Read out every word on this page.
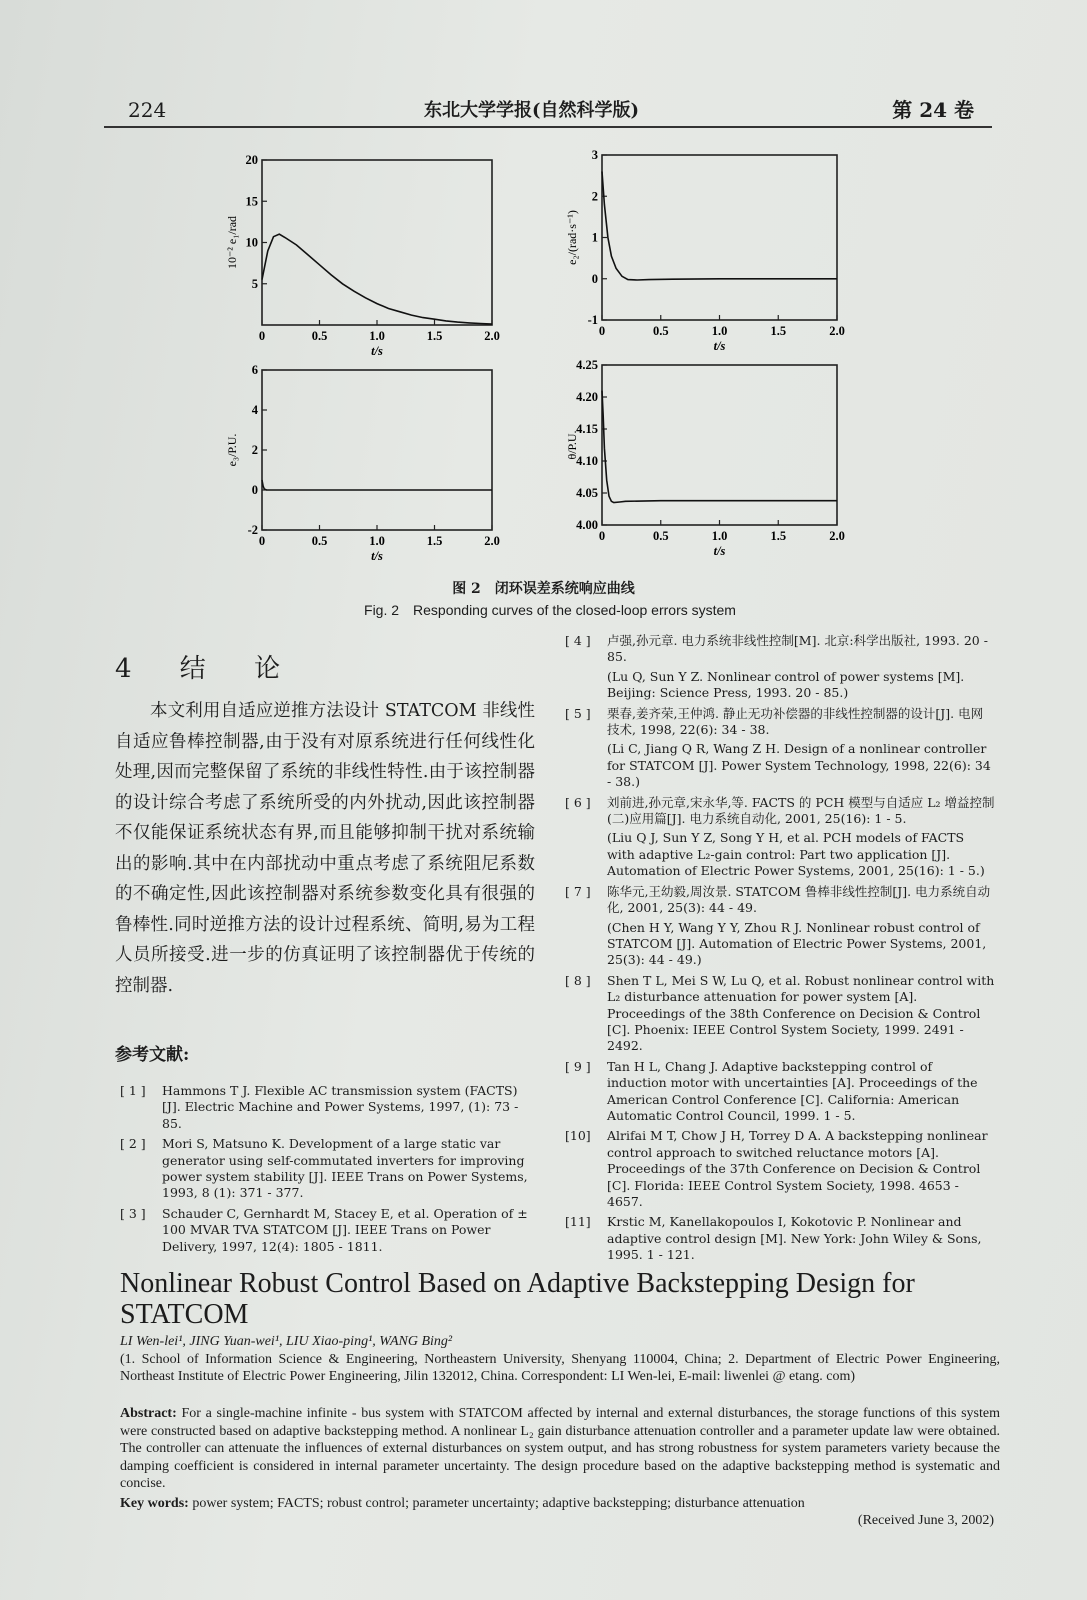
224	东北大学学报(自然科学版)	第 24 卷
0	0.5	1.0	1.5	2.0
5
10
15
20
t/s
10⁻² e₁/rad
0	0.5	1.0	1.5	2.0
-1
0
1
2
3
t/s
e₂/(rad·s⁻¹)
0	0.5	1.0	1.5	2.0
-2
0
2
4
6
t/s
e₃/P.U.
0	0.5	1.0	1.5	2.0
4.00
4.05
4.10
4.15
4.20
4.25
t/s
θ/P.U.
图 2　闭环误差系统响应曲线
Fig. 2　Responding curves of the closed-loop errors system
4 结 论

本文利用自适应逆推方法设计 STATCOM 非线性自适应鲁棒控制器,由于没有对原系统进行任何线性化处理,因而完整保留了系统的非线性特性.由于该控制器的设计综合考虑了系统所受的内外扰动,因此该控制器不仅能保证系统状态有界,而且能够抑制干扰对系统输出的影响.其中在内部扰动中重点考虑了系统阻尼系数的不确定性,因此该控制器对系统参数变化具有很强的鲁棒性.同时逆推方法的设计过程系统、简明,易为工程人员所接受.进一步的仿真证明了该控制器优于传统的控制器.

参考文献:
[ 1 ] Hammons T J. Flexible AC transmission system (FACTS) [J]. Electric Machine and Power Systems, 1997, (1): 73 - 85.
[ 2 ] Mori S, Matsuno K. Development of a large static var generator using self-commutated inverters for improving power system stability [J]. IEEE Trans on Power Systems, 1993, 8 (1): 371 - 377.
[ 3 ] Schauder C, Gernhardt M, Stacey E, et al. Operation of ± 100 MVAR TVA STATCOM [J]. IEEE Trans on Power Delivery, 1997, 12(4): 1805 - 1811.
[ 4 ] 卢强,孙元章. 电力系统非线性控制[M]. 北京:科学出版社, 1993. 20 - 85.
(Lu Q, Sun Y Z. Nonlinear control of power systems [M]. Beijing: Science Press, 1993. 20 - 85.)
[ 5 ] 栗春,姜齐荣,王仲鸿. 静止无功补偿器的非线性控制器的设计[J]. 电网技术, 1998, 22(6): 34 - 38.
(Li C, Jiang Q R, Wang Z H. Design of a nonlinear controller for STATCOM [J]. Power System Technology, 1998, 22(6): 34 - 38.)
[ 6 ] 刘前进,孙元章,宋永华,等. FACTS 的 PCH 模型与自适应 L₂ 增益控制(二)应用篇[J]. 电力系统自动化, 2001, 25(16): 1 - 5.
(Liu Q J, Sun Y Z, Song Y H, et al. PCH models of FACTS with adaptive L₂-gain control: Part two application [J]. Automation of Electric Power Systems, 2001, 25(16): 1 - 5.)
[ 7 ] 陈华元,王幼毅,周汝景. STATCOM 鲁棒非线性控制[J]. 电力系统自动化, 2001, 25(3): 44 - 49.
(Chen H Y, Wang Y Y, Zhou R J. Nonlinear robust control of STATCOM [J]. Automation of Electric Power Systems, 2001, 25(3): 44 - 49.)
[ 8 ] Shen T L, Mei S W, Lu Q, et al. Robust nonlinear control with L₂ disturbance attenuation for power system [A]. Proceedings of the 38th Conference on Decision & Control [C]. Phoenix: IEEE Control System Society, 1999. 2491 - 2492.
[ 9 ] Tan H L, Chang J. Adaptive backstepping control of induction motor with uncertainties [A]. Proceedings of the American Control Conference [C]. California: American Automatic Control Council, 1999. 1 - 5.
[10] Alrifai M T, Chow J H, Torrey D A. A backstepping nonlinear control approach to switched reluctance motors [A]. Proceedings of the 37th Conference on Decision & Control [C]. Florida: IEEE Control System Society, 1998. 4653 - 4657.
[11] Krstic M, Kanellakopoulos I, Kokotovic P. Nonlinear and adaptive control design [M]. New York: John Wiley & Sons, 1995. 1 - 121.
Nonlinear Robust Control Based on Adaptive Backstepping Design for STATCOM
LI Wen-lei¹, JING Yuan-wei¹, LIU Xiao-ping¹, WANG Bing²
(1. School of Information Science & Engineering, Northeastern University, Shenyang 110004, China; 2. Department of Electric Power Engineering, Northeast Institute of Electric Power Engineering, Jilin 132012, China. Correspondent: LI Wen-lei, E-mail: liwenlei @ etang. com)
Abstract: For a single-machine infinite - bus system with STATCOM affected by internal and external disturbances, the storage functions of this system were constructed based on adaptive backstepping method. A nonlinear L₂ gain disturbance attenuation controller and a parameter update law were obtained. The controller can attenuate the influences of external disturbances on system output, and has strong robustness for system parameters variety because the damping coefficient is considered in internal parameter uncertainty. The design procedure based on the adaptive backstepping method is systematic and concise.
Key words: power system; FACTS; robust control; parameter uncertainty; adaptive backstepping; disturbance attenuation
(Received June 3, 2002)
